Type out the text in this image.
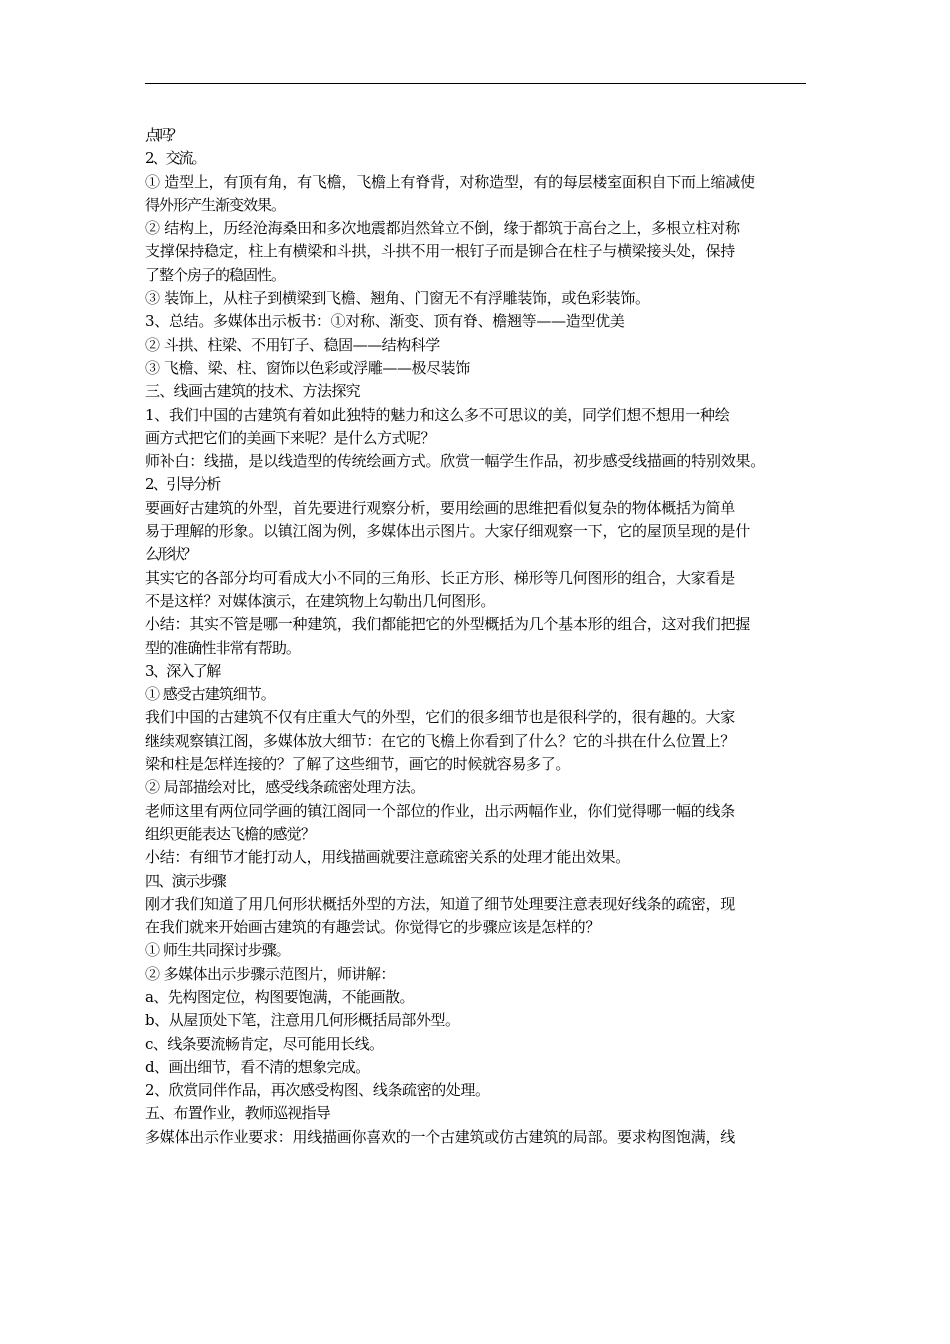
点吗？
2、交流。
① 造型上，有顶有角，有飞檐，飞檐上有脊背，对称造型，有的每层楼室面积自下而上缩减使
得外形产生渐变效果。
② 结构上，历经沧海桑田和多次地震都岿然耸立不倒，缘于都筑于高台之上，多根立柱对称
支撑保持稳定，柱上有横梁和斗拱，斗拱不用一根钉子而是铆合在柱子与横梁接头处，保持
了整个房子的稳固性。
③ 装饰上，从柱子到横梁到飞檐、翘角、门窗无不有浮雕装饰，或色彩装饰。
3、总结。多媒体出示板书：①对称、渐变、顶有脊、檐翘等——造型优美
② 斗拱、柱梁、不用钉子、稳固——结构科学
③ 飞檐、梁、柱、窗饰以色彩或浮雕——极尽装饰
三、线画古建筑的技术、方法探究
1、我们中国的古建筑有着如此独特的魅力和这么多不可思议的美，同学们想不想用一种绘
画方式把它们的美画下来呢？是什么方式呢？
师补白：线描，是以线造型的传统绘画方式。欣赏一幅学生作品，初步感受线描画的特别效果。
2、引导分析
要画好古建筑的外型，首先要进行观察分析，要用绘画的思维把看似复杂的物体概括为简单
易于理解的形象。以镇江阁为例，多媒体出示图片。大家仔细观察一下，它的屋顶呈现的是什
么形状？
其实它的各部分均可看成大小不同的三角形、长正方形、梯形等几何图形的组合，大家看是
不是这样？对媒体演示，在建筑物上勾勒出几何图形。
小结：其实不管是哪一种建筑，我们都能把它的外型概括为几个基本形的组合，这对我们把握
型的准确性非常有帮助。
3、深入了解
① 感受古建筑细节。
我们中国的古建筑不仅有庄重大气的外型，它们的很多细节也是很科学的，很有趣的。大家
继续观察镇江阁，多媒体放大细节：在它的飞檐上你看到了什么？它的斗拱在什么位置上？
梁和柱是怎样连接的？了解了这些细节，画它的时候就容易多了。
② 局部描绘对比，感受线条疏密处理方法。
老师这里有两位同学画的镇江阁同一个部位的作业，出示两幅作业，你们觉得哪一幅的线条
组织更能表达飞檐的感觉？
小结：有细节才能打动人，用线描画就要注意疏密关系的处理才能出效果。
四、演示步骤
刚才我们知道了用几何形状概括外型的方法，知道了细节处理要注意表现好线条的疏密，现
在我们就来开始画古建筑的有趣尝试。你觉得它的步骤应该是怎样的？
① 师生共同探讨步骤。
② 多媒体出示步骤示范图片，师讲解：
a、先构图定位，构图要饱满，不能画散。
b、从屋顶处下笔，注意用几何形概括局部外型。
c、线条要流畅肯定，尽可能用长线。
d、画出细节，看不清的想象完成。
2、欣赏同伴作品，再次感受构图、线条疏密的处理。
五、布置作业，教师巡视指导
多媒体出示作业要求：用线描画你喜欢的一个古建筑或仿古建筑的局部。要求构图饱满，线
